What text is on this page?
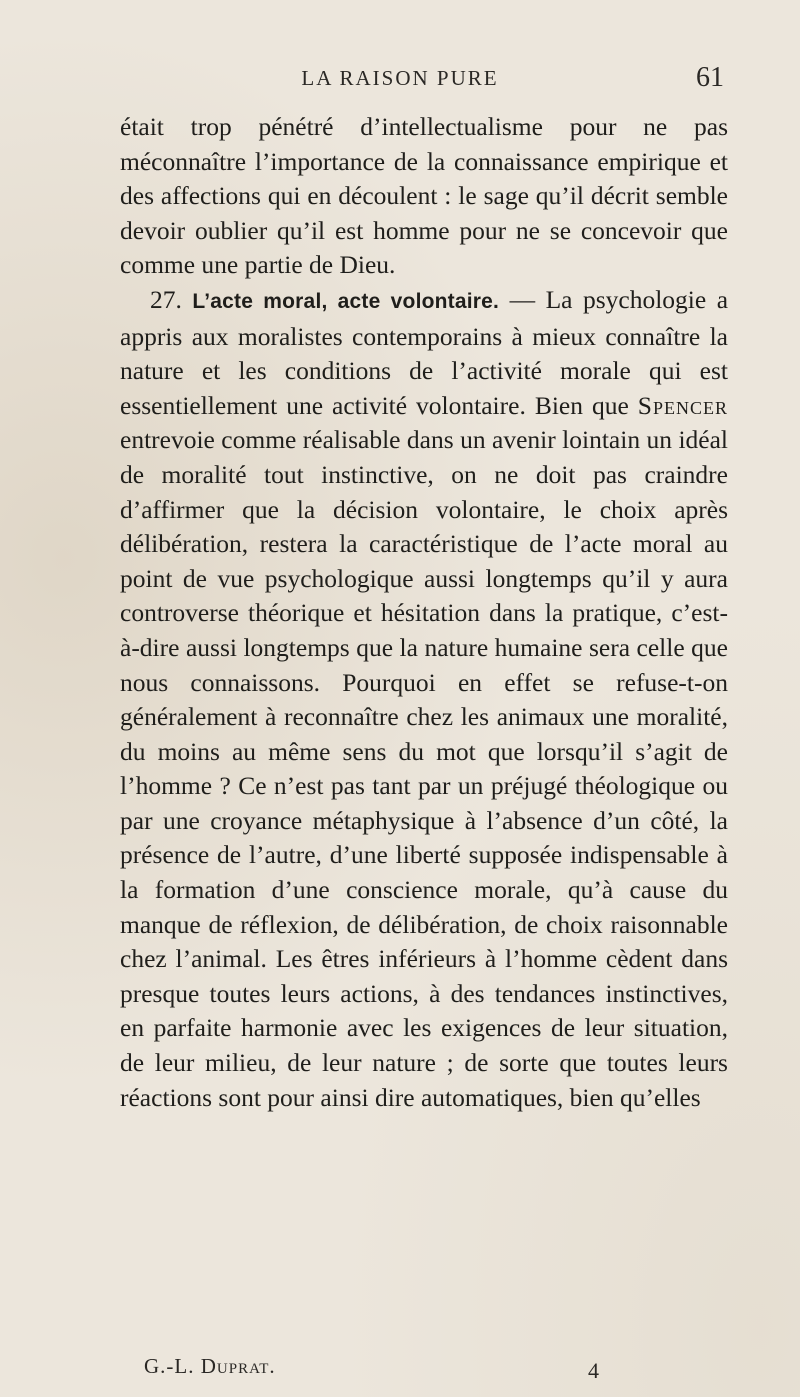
LA RAISON PURE	61

était trop pénétré d’intellectualisme pour ne pas méconnaître l’importance de la connaissance empirique et des affections qui en découlent : le sage qu’il décrit semble devoir oublier qu’il est homme pour ne se concevoir que comme une partie de Dieu.

27. L’acte moral, acte volontaire. — La psychologie a appris aux moralistes contemporains à mieux connaître la nature et les conditions de l’activité morale qui est essentiellement une activité volontaire. Bien que Spencer entrevoie comme réalisable dans un avenir lointain un idéal de moralité tout instinctive, on ne doit pas craindre d’affirmer que la décision volontaire, le choix après délibération, restera la caractéristique de l’acte moral au point de vue psychologique aussi longtemps qu’il y aura controverse théorique et hésitation dans la pratique, c’est-à-dire aussi longtemps que la nature humaine sera celle que nous connaissons. Pourquoi en effet se refuse-t-on généralement à reconnaître chez les animaux une moralité, du moins au même sens du mot que lorsqu’il s’agit de l’homme ? Ce n’est pas tant par un préjugé théologique ou par une croyance métaphysique à l’absence d’un côté, la présence de l’autre, d’une liberté supposée indispensable à la formation d’une conscience morale, qu’à cause du manque de réflexion, de délibération, de choix raisonnable chez l’animal. Les êtres inférieurs à l’homme cèdent dans presque toutes leurs actions, à des tendances instinctives, en parfaite harmonie avec les exigences de leur situation, de leur milieu, de leur nature ; de sorte que toutes leurs réactions sont pour ainsi dire automatiques, bien qu’elles

G.-L. Duprat.	4
